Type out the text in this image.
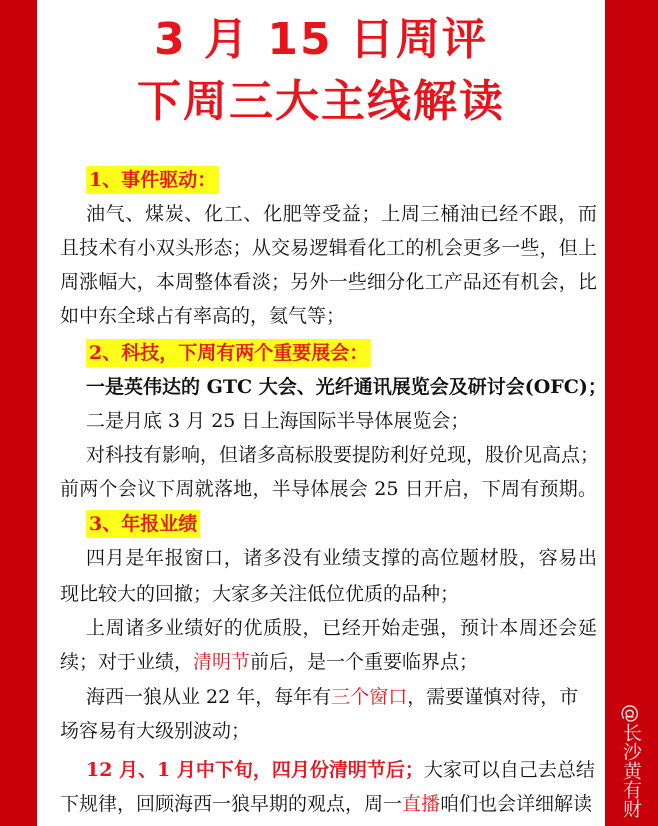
3 月 15 日周评
下周三大主线解读
1、事件驱动：
油气、煤炭、化工、化肥等受益；上周三桶油已经不跟，而
且技术有小双头形态；从交易逻辑看化工的机会更多一些，但上
周涨幅大，本周整体看淡；另外一些细分化工产品还有机会，比
如中东全球占有率高的，氦气等；
2、科技，下周有两个重要展会：
一是英伟达的 GTC 大会、光纤通讯展览会及研讨会(OFC)；
二是月底 3 月 25 日上海国际半导体展览会；
对科技有影响，但诸多高标股要提防利好兑现，股价见高点；
前两个会议下周就落地，半导体展会 25 日开启，下周有预期。
3、年报业绩
四月是年报窗口，诸多没有业绩支撑的高位题材股，容易出
现比较大的回撤；大家多关注低位优质的品种；
上周诸多业绩好的优质股，已经开始走强，预计本周还会延
续；对于业绩，清明节前后，是一个重要临界点；
海西一狼从业 22 年，每年有三个窗口，需要谨慎对待，市
场容易有大级别波动；
12 月、1 月中下旬，四月份清明节后；大家可以自己去总结
下规律，回顾海西一狼早期的观点，周一直播咱们也会详细解读 @长沙黄有财
